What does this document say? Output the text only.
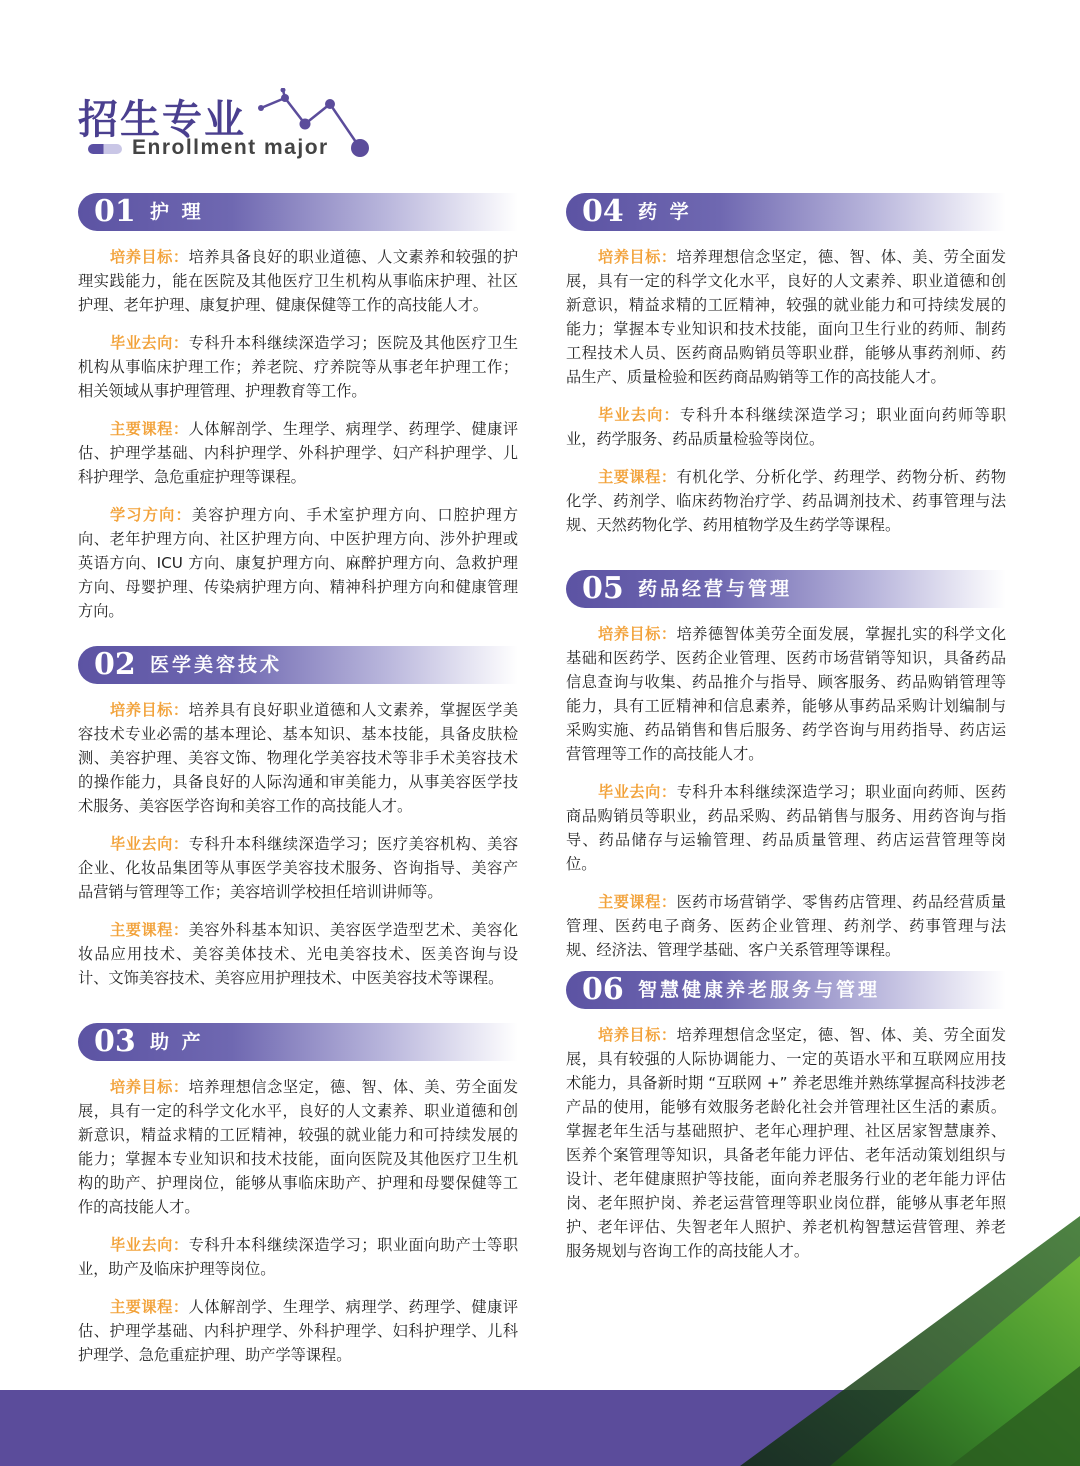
招生专业
Enrollment major
01 护 理

培养目标：培养具备良好的职业道德、人文素养和较强的护理实践能力，能在医院及其他医疗卫生机构从事临床护理、社区护理、老年护理、康复护理、健康保健等工作的高技能人才。

毕业去向：专科升本科继续深造学习；医院及其他医疗卫生机构从事临床护理工作；养老院、疗养院等从事老年护理工作；相关领域从事护理管理、护理教育等工作。

主要课程：人体解剖学、生理学、病理学、药理学、健康评估、护理学基础、内科护理学、外科护理学、妇产科护理学、儿科护理学、急危重症护理等课程。

学习方向：美容护理方向、手术室护理方向、口腔护理方向、老年护理方向、社区护理方向、中医护理方向、涉外护理或英语方向、ICU 方向、康复护理方向、麻醉护理方向、急救护理方向、母婴护理、传染病护理方向、精神科护理方向和健康管理方向。

02 医学美容技术

培养目标：培养具有良好职业道德和人文素养，掌握医学美容技术专业必需的基本理论、基本知识、基本技能，具备皮肤检测、美容护理、美容文饰、物理化学美容技术等非手术美容技术的操作能力，具备良好的人际沟通和审美能力，从事美容医学技术服务、美容医学咨询和美容工作的高技能人才。

毕业去向：专科升本科继续深造学习；医疗美容机构、美容企业、化妆品集团等从事医学美容技术服务、咨询指导、美容产品营销与管理等工作；美容培训学校担任培训讲师等。

主要课程：美容外科基本知识、美容医学造型艺术、美容化妆品应用技术、美容美体技术、光电美容技术、医美咨询与设计、文饰美容技术、美容应用护理技术、中医美容技术等课程。

03 助 产

培养目标：培养理想信念坚定，德、智、体、美、劳全面发展，具有一定的科学文化水平，良好的人文素养、职业道德和创新意识，精益求精的工匠精神，较强的就业能力和可持续发展的能力；掌握本专业知识和技术技能，面向医院及其他医疗卫生机构的助产、护理岗位，能够从事临床助产、护理和母婴保健等工作的高技能人才。

毕业去向：专科升本科继续深造学习；职业面向助产士等职业，助产及临床护理等岗位。

主要课程：人体解剖学、生理学、病理学、药理学、健康评估、护理学基础、内科护理学、外科护理学、妇科护理学、儿科护理学、急危重症护理、助产学等课程。

04 药 学

培养目标：培养理想信念坚定，德、智、体、美、劳全面发展，具有一定的科学文化水平，良好的人文素养、职业道德和创新意识，精益求精的工匠精神，较强的就业能力和可持续发展的能力；掌握本专业知识和技术技能，面向卫生行业的药师、制药工程技术人员、医药商品购销员等职业群，能够从事药剂师、药品生产、质量检验和医药商品购销等工作的高技能人才。

毕业去向：专科升本科继续深造学习；职业面向药师等职业，药学服务、药品质量检验等岗位。

主要课程：有机化学、分析化学、药理学、药物分析、药物化学、药剂学、临床药物治疗学、药品调剂技术、药事管理与法规、天然药物化学、药用植物学及生药学等课程。

05 药品经营与管理

培养目标：培养德智体美劳全面发展，掌握扎实的科学文化基础和医药学、医药企业管理、医药市场营销等知识，具备药品信息查询与收集、药品推介与指导、顾客服务、药品购销管理等能力，具有工匠精神和信息素养，能够从事药品采购计划编制与采购实施、药品销售和售后服务、药学咨询与用药指导、药店运营管理等工作的高技能人才。

毕业去向：专科升本科继续深造学习；职业面向药师、医药商品购销员等职业，药品采购、药品销售与服务、用药咨询与指导、药品储存与运输管理、药品质量管理、药店运营管理等岗位。

主要课程：医药市场营销学、零售药店管理、药品经营质量管理、医药电子商务、医药企业管理、药剂学、药事管理与法规、经济法、管理学基础、客户关系管理等课程。

06 智慧健康养老服务与管理

培养目标：培养理想信念坚定，德、智、体、美、劳全面发展，具有较强的人际协调能力、一定的英语水平和互联网应用技术能力，具备新时期 “互联网 +” 养老思维并熟练掌握高科技涉老产品的使用，能够有效服务老龄化社会并管理社区生活的素质。掌握老年生活与基础照护、老年心理护理、社区居家智慧康养、医养个案管理等知识，具备老年能力评估、老年活动策划组织与设计、老年健康照护等技能，面向养老服务行业的老年能力评估岗、老年照护岗、养老运营管理等职业岗位群，能够从事老年照护、老年评估、失智老年人照护、养老机构智慧运营管理、养老服务规划与咨询工作的高技能人才。
